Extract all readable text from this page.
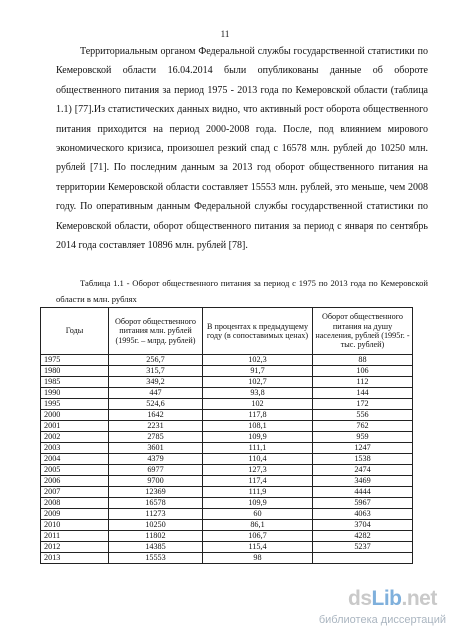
11

Территориальным органом Федеральной службы государственной статистики по Кемеровской области 16.04.2014 были опубликованы данные об обороте общественного питания за период 1975 - 2013 года по Кемеровской области (таблица 1.1) [77].Из статистических данных видно, что активный рост оборота общественного питания приходится на период 2000-2008 года. После, под влиянием мирового экономического кризиса, произошел резкий спад с 16578 млн. рублей до 10250 млн. рублей [71]. По последним данным за 2013 год оборот общественного питания на территории Кемеровской области составляет 15553 млн. рублей, это меньше, чем 2008 году. По оперативным данным Федеральной службы государственной статистики по Кемеровской области, оборот общественного питания за период с января по сентябрь 2014 года составляет 10896 млн. рублей [78].

Таблица 1.1 - Оборот общественного питания за период с 1975 по 2013 года по Кемеровской области в млн. рублях

Годы	Оборот общественного питания млн. рублей (1995г. – млрд. рублей)	В процентах к предыдущему году (в сопоставимых ценах)	Оборот общественного питания на душу населения, рублей (1995г. - тыс. рублей)
1975	256,7	102,3	88
1980	315,7	91,7	106
1985	349,2	102,7	112
1990	447	93,8	144
1995	524,6	102	172
2000	1642	117,8	556
2001	2231	108,1	762
2002	2785	109,9	959
2003	3601	111,1	1247
2004	4379	110,4	1538
2005	6977	127,3	2474
2006	9700	117,4	3469
2007	12369	111,9	4444
2008	16578	109,9	5967
2009	11273	60	4063
2010	10250	86,1	3704
2011	11802	106,7	4282
2012	14385	115,4	5237
2013	15553	98	
dsLib.net
библиотека диссертаций
